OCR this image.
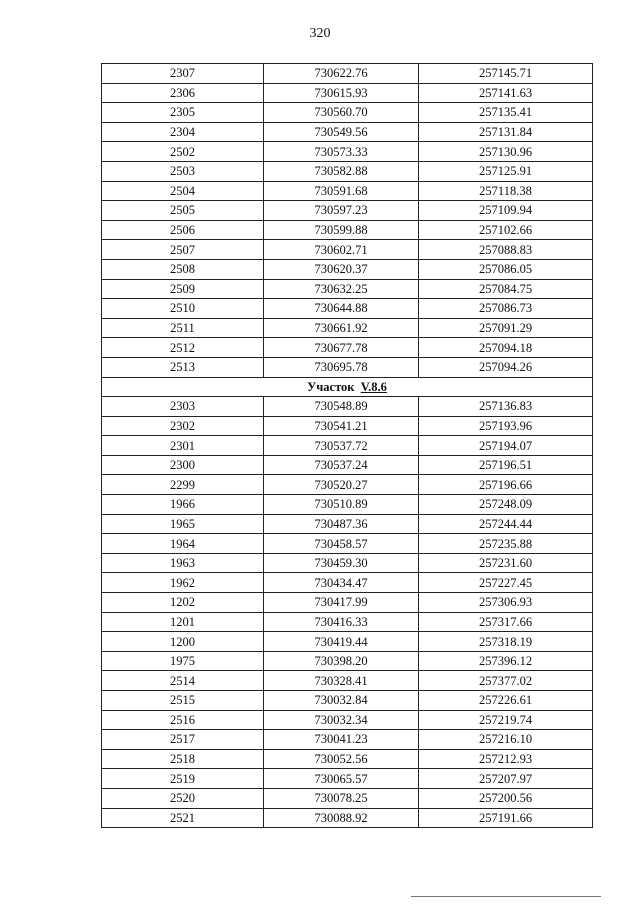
320
2307	730622.76	257145.71
2306	730615.93	257141.63
2305	730560.70	257135.41
2304	730549.56	257131.84
2502	730573.33	257130.96
2503	730582.88	257125.91
2504	730591.68	257118.38
2505	730597.23	257109.94
2506	730599.88	257102.66
2507	730602.71	257088.83
2508	730620.37	257086.05
2509	730632.25	257084.75
2510	730644.88	257086.73
2511	730661.92	257091.29
2512	730677.78	257094.18
2513	730695.78	257094.26
Участок V.8.6		
2303	730548.89	257136.83
2302	730541.21	257193.96
2301	730537.72	257194.07
2300	730537.24	257196.51
2299	730520.27	257196.66
1966	730510.89	257248.09
1965	730487.36	257244.44
1964	730458.57	257235.88
1963	730459.30	257231.60
1962	730434.47	257227.45
1202	730417.99	257306.93
1201	730416.33	257317.66
1200	730419.44	257318.19
1975	730398.20	257396.12
2514	730328.41	257377.02
2515	730032.84	257226.61
2516	730032.34	257219.74
2517	730041.23	257216.10
2518	730052.56	257212.93
2519	730065.57	257207.97
2520	730078.25	257200.56
2521	730088.92	257191.66
